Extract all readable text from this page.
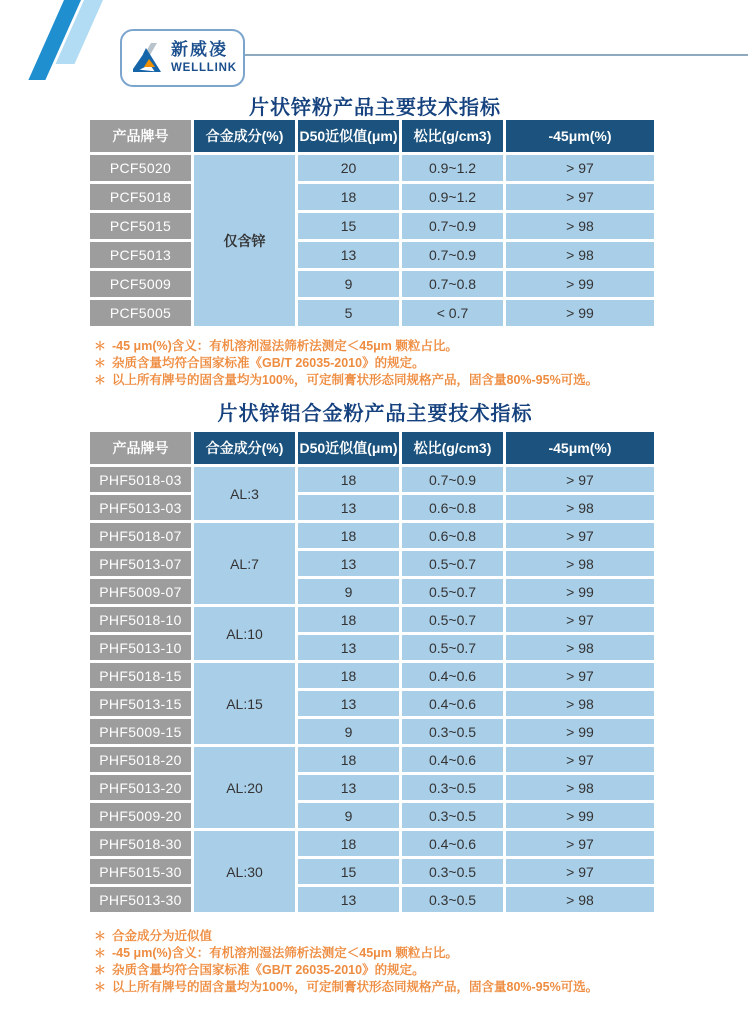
新威凌
WELLLINK
片状锌粉产品主要技术指标
产品牌号	合金成分(%)	D50近似值(μm)	松比(g/cm3)	-45μm(%)
PCF5020	仅含锌	20	0.9~1.2	> 97
PCF5018		18	0.9~1.2	> 97
PCF5015		15	0.7~0.9	> 98
PCF5013		13	0.7~0.9	> 98
PCF5009		9	0.7~0.8	> 99
PCF5005		5	< 0.7	> 99
＊ -45 μm(%)含义：有机溶剂湿法筛析法测定＜45μm 颗粒占比。
＊ 杂质含量均符合国家标准《GB/T 26035-2010》的规定。
＊ 以上所有牌号的固含量均为100%，可定制膏状形态同规格产品，固含量80%-95%可选。
片状锌铝合金粉产品主要技术指标
产品牌号	合金成分(%)	D50近似值(μm)	松比(g/cm3)	-45μm(%)
PHF5018-03	AL:3	18	0.7~0.9	> 97
PHF5013-03		13	0.6~0.8	> 98
PHF5018-07	AL:7	18	0.6~0.8	> 97
PHF5013-07		13	0.5~0.7	> 98
PHF5009-07		9	0.5~0.7	> 99
PHF5018-10	AL:10	18	0.5~0.7	> 97
PHF5013-10		13	0.5~0.7	> 98
PHF5018-15	AL:15	18	0.4~0.6	> 97
PHF5013-15		13	0.4~0.6	> 98
PHF5009-15		9	0.3~0.5	> 99
PHF5018-20	AL:20	18	0.4~0.6	> 97
PHF5013-20		13	0.3~0.5	> 98
PHF5009-20		9	0.3~0.5	> 99
PHF5018-30	AL:30	18	0.4~0.6	> 97
PHF5015-30		15	0.3~0.5	> 97
PHF5013-30		13	0.3~0.5	> 98
＊ 合金成分为近似值
＊ -45 μm(%)含义：有机溶剂湿法筛析法测定＜45μm 颗粒占比。
＊ 杂质含量均符合国家标准《GB/T 26035-2010》的规定。
＊ 以上所有牌号的固含量均为100%，可定制膏状形态同规格产品，固含量80%-95%可选。
